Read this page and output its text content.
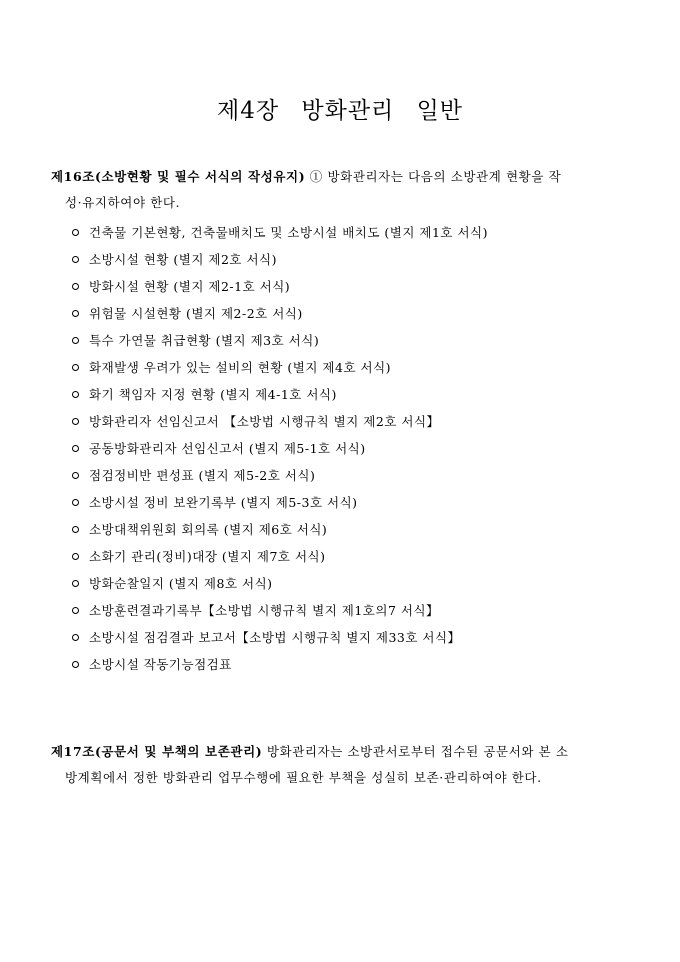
제4장 방화관리 일반

제16조(소방현황 및 필수 서식의 작성유지) ① 방화관리자는 다음의 소방관계 현황을 작

성·유지하여야 한다.

건축물 기본현황, 건축물배치도 및 소방시설 배치도 (별지 제1호 서식)
소방시설 현황 (별지 제2호 서식)
방화시설 현황 (별지 제2-1호 서식)
위험물 시설현황 (별지 제2-2호 서식)
특수 가연물 취급현황 (별지 제3호 서식)
화재발생 우려가 있는 설비의 현황 (별지 제4호 서식)
화기 책임자 지정 현황 (별지 제4-1호 서식)
방화관리자 선임신고서 【소방법 시행규칙 별지 제2호 서식】
공동방화관리자 선임신고서 (별지 제5-1호 서식)
점검정비반 편성표 (별지 제5-2호 서식)
소방시설 정비 보완기록부 (별지 제5-3호 서식)
소방대책위원회 회의록 (별지 제6호 서식)
소화기 관리(정비)대장 (별지 제7호 서식)
방화순찰일지 (별지 제8호 서식)
소방훈련결과기록부【소방법 시행규칙 별지 제1호의7 서식】
소방시설 점검결과 보고서【소방법 시행규칙 별지 제33호 서식】
소방시설 작동기능점검표

제17조(공문서 및 부책의 보존관리) 방화관리자는 소방관서로부터 접수된 공문서와 본 소

방계획에서 정한 방화관리 업무수행에 필요한 부책을 성실히 보존·관리하여야 한다.
